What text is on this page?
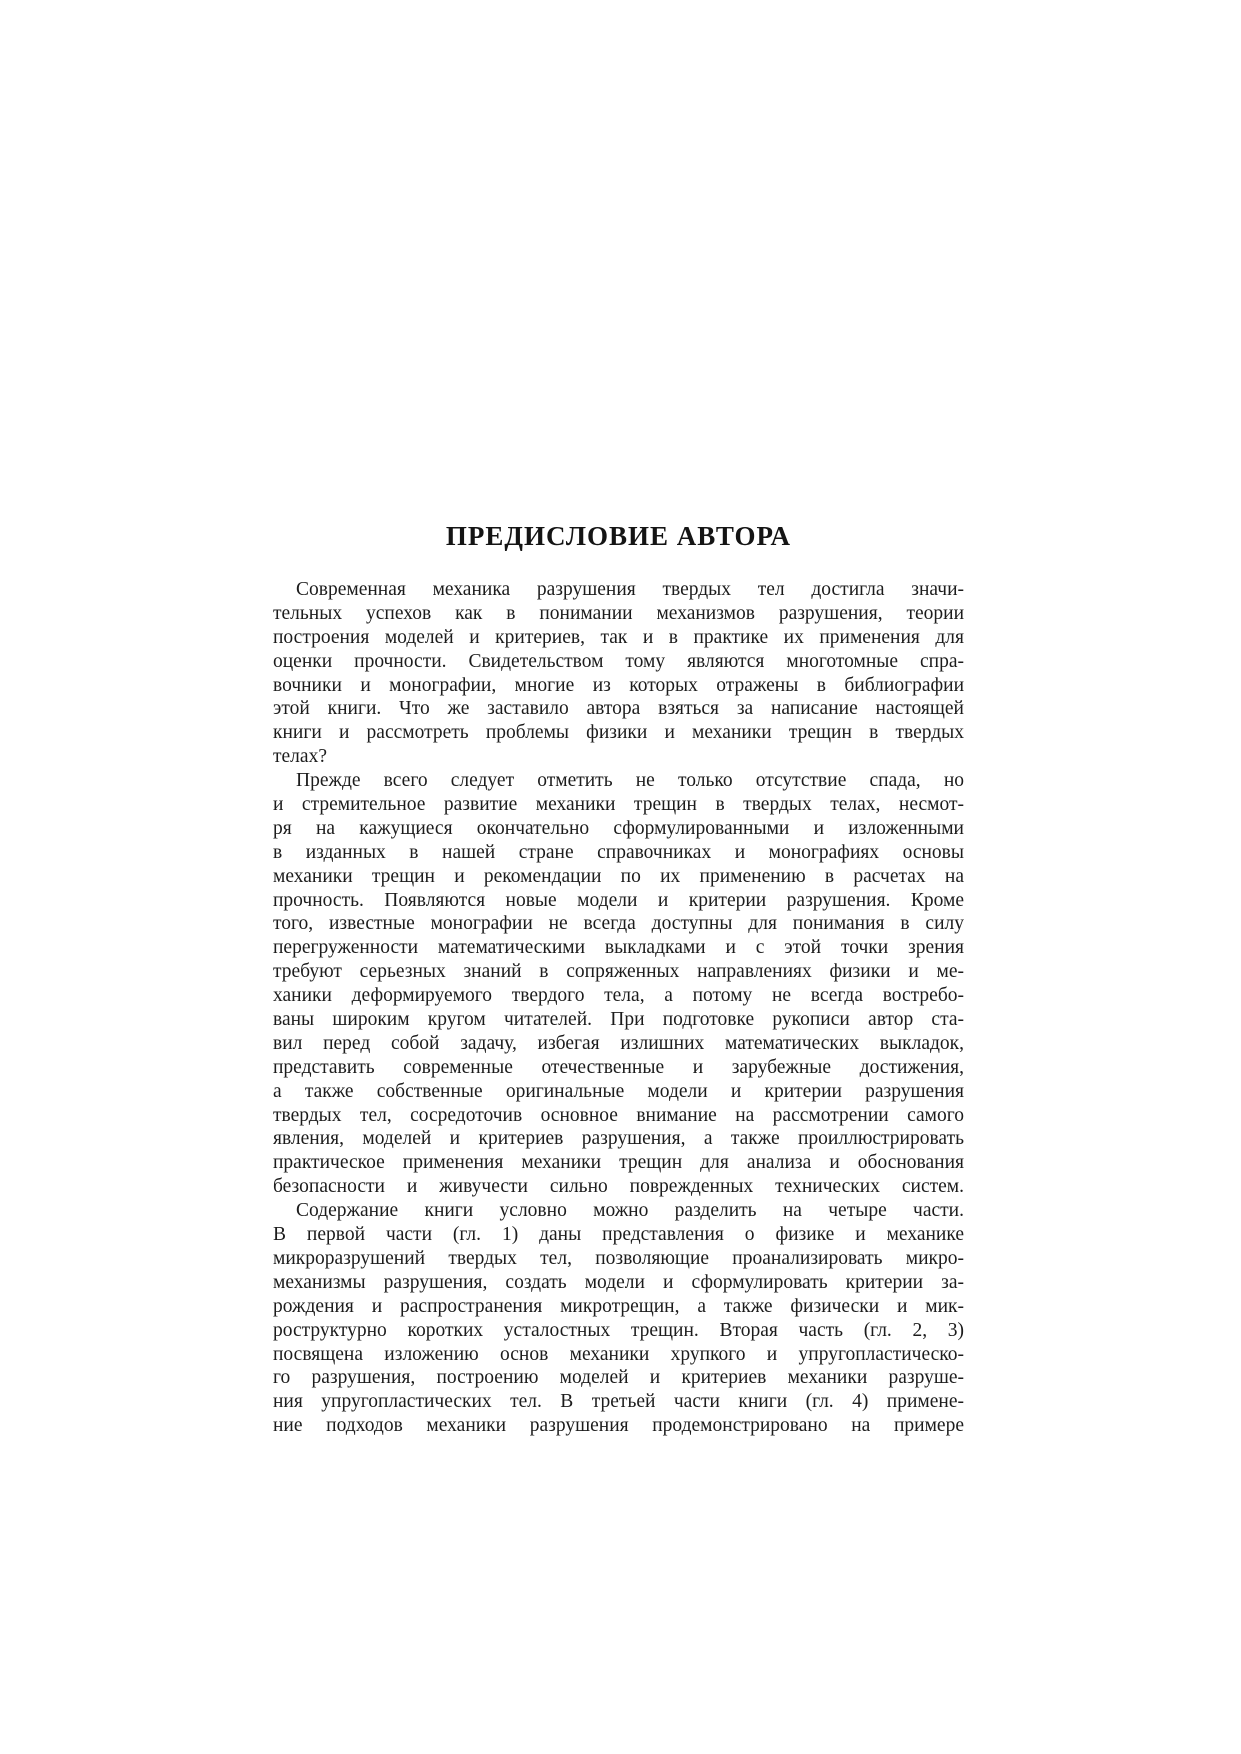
ПРЕДИСЛОВИЕ АВТОРА
Современная механика разрушения твердых тел достигла значи-
тельных успехов как в понимании механизмов разрушения, теории
построения моделей и критериев, так и в практике их применения для
оценки прочности. Свидетельством тому являются многотомные спра-
вочники и монографии, многие из которых отражены в библиографии
этой книги. Что же заставило автора взяться за написание настоящей
книги и рассмотреть проблемы физики и механики трещин в твердых
телах?
Прежде всего следует отметить не только отсутствие спада, но
и стремительное развитие механики трещин в твердых телах, несмот-
ря на кажущиеся окончательно сформулированными и изложенными
в изданных в нашей стране справочниках и монографиях основы
механики трещин и рекомендации по их применению в расчетах на
прочность. Появляются новые модели и критерии разрушения. Кроме
того, известные монографии не всегда доступны для понимания в силу
перегруженности математическими выкладками и с этой точки зрения
требуют серьезных знаний в сопряженных направлениях физики и ме-
ханики деформируемого твердого тела, а потому не всегда востребо-
ваны широким кругом читателей. При подготовке рукописи автор ста-
вил перед собой задачу, избегая излишних математических выкладок,
представить современные отечественные и зарубежные достижения,
а также собственные оригинальные модели и критерии разрушения
твердых тел, сосредоточив основное внимание на рассмотрении самого
явления, моделей и критериев разрушения, а также проиллюстрировать
практическое применения механики трещин для анализа и обоснования
безопасности и живучести сильно поврежденных технических систем.
Содержание книги условно можно разделить на четыре части.
В первой части (гл. 1) даны представления о физике и механике
микроразрушений твердых тел, позволяющие проанализировать микро-
механизмы разрушения, создать модели и сформулировать критерии за-
рождения и распространения микротрещин, а также физически и мик-
роструктурно коротких усталостных трещин. Вторая часть (гл. 2, 3)
посвящена изложению основ механики хрупкого и упругопластическо-
го разрушения, построению моделей и критериев механики разруше-
ния упругопластических тел. В третьей части книги (гл. 4) примене-
ние подходов механики разрушения продемонстрировано на примере
